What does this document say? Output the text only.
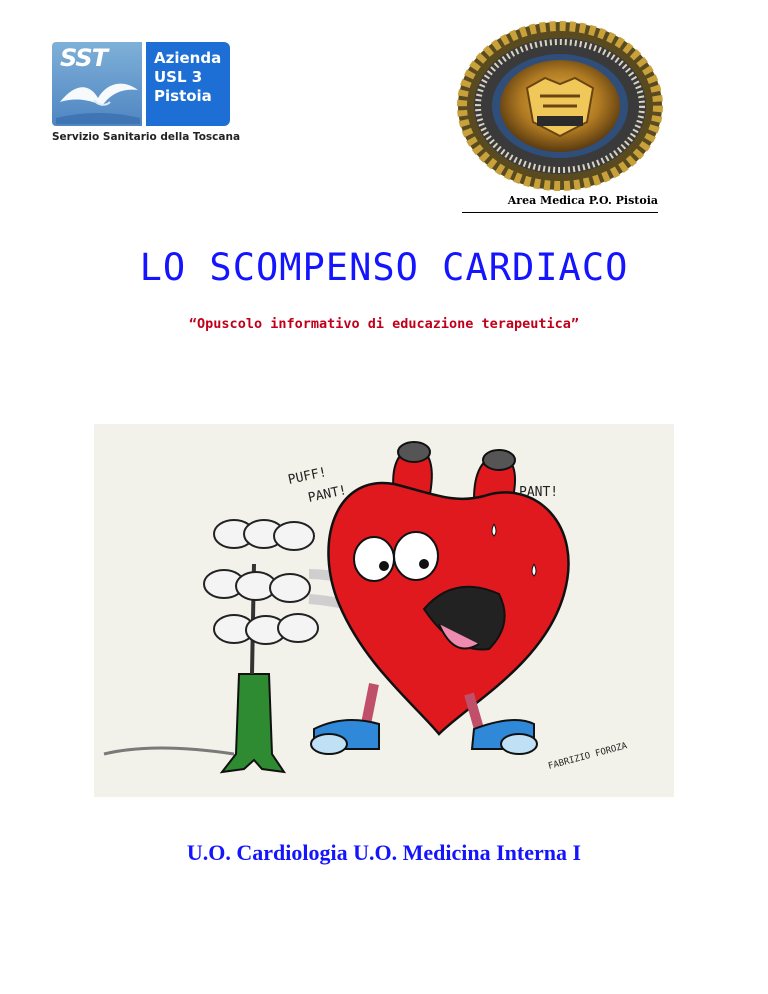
SST	Azienda
USL 3
Pistoia
Servizio Sanitario della Toscana
Area Medica P.O. Pistoia
LO SCOMPENSO CARDIACO
“Opuscolo informativo di educazione terapeutica”
PUFF!
PANT!	PANT!
FABRIZIO FOROZA
U.O. Cardiologia U.O. Medicina Interna I
